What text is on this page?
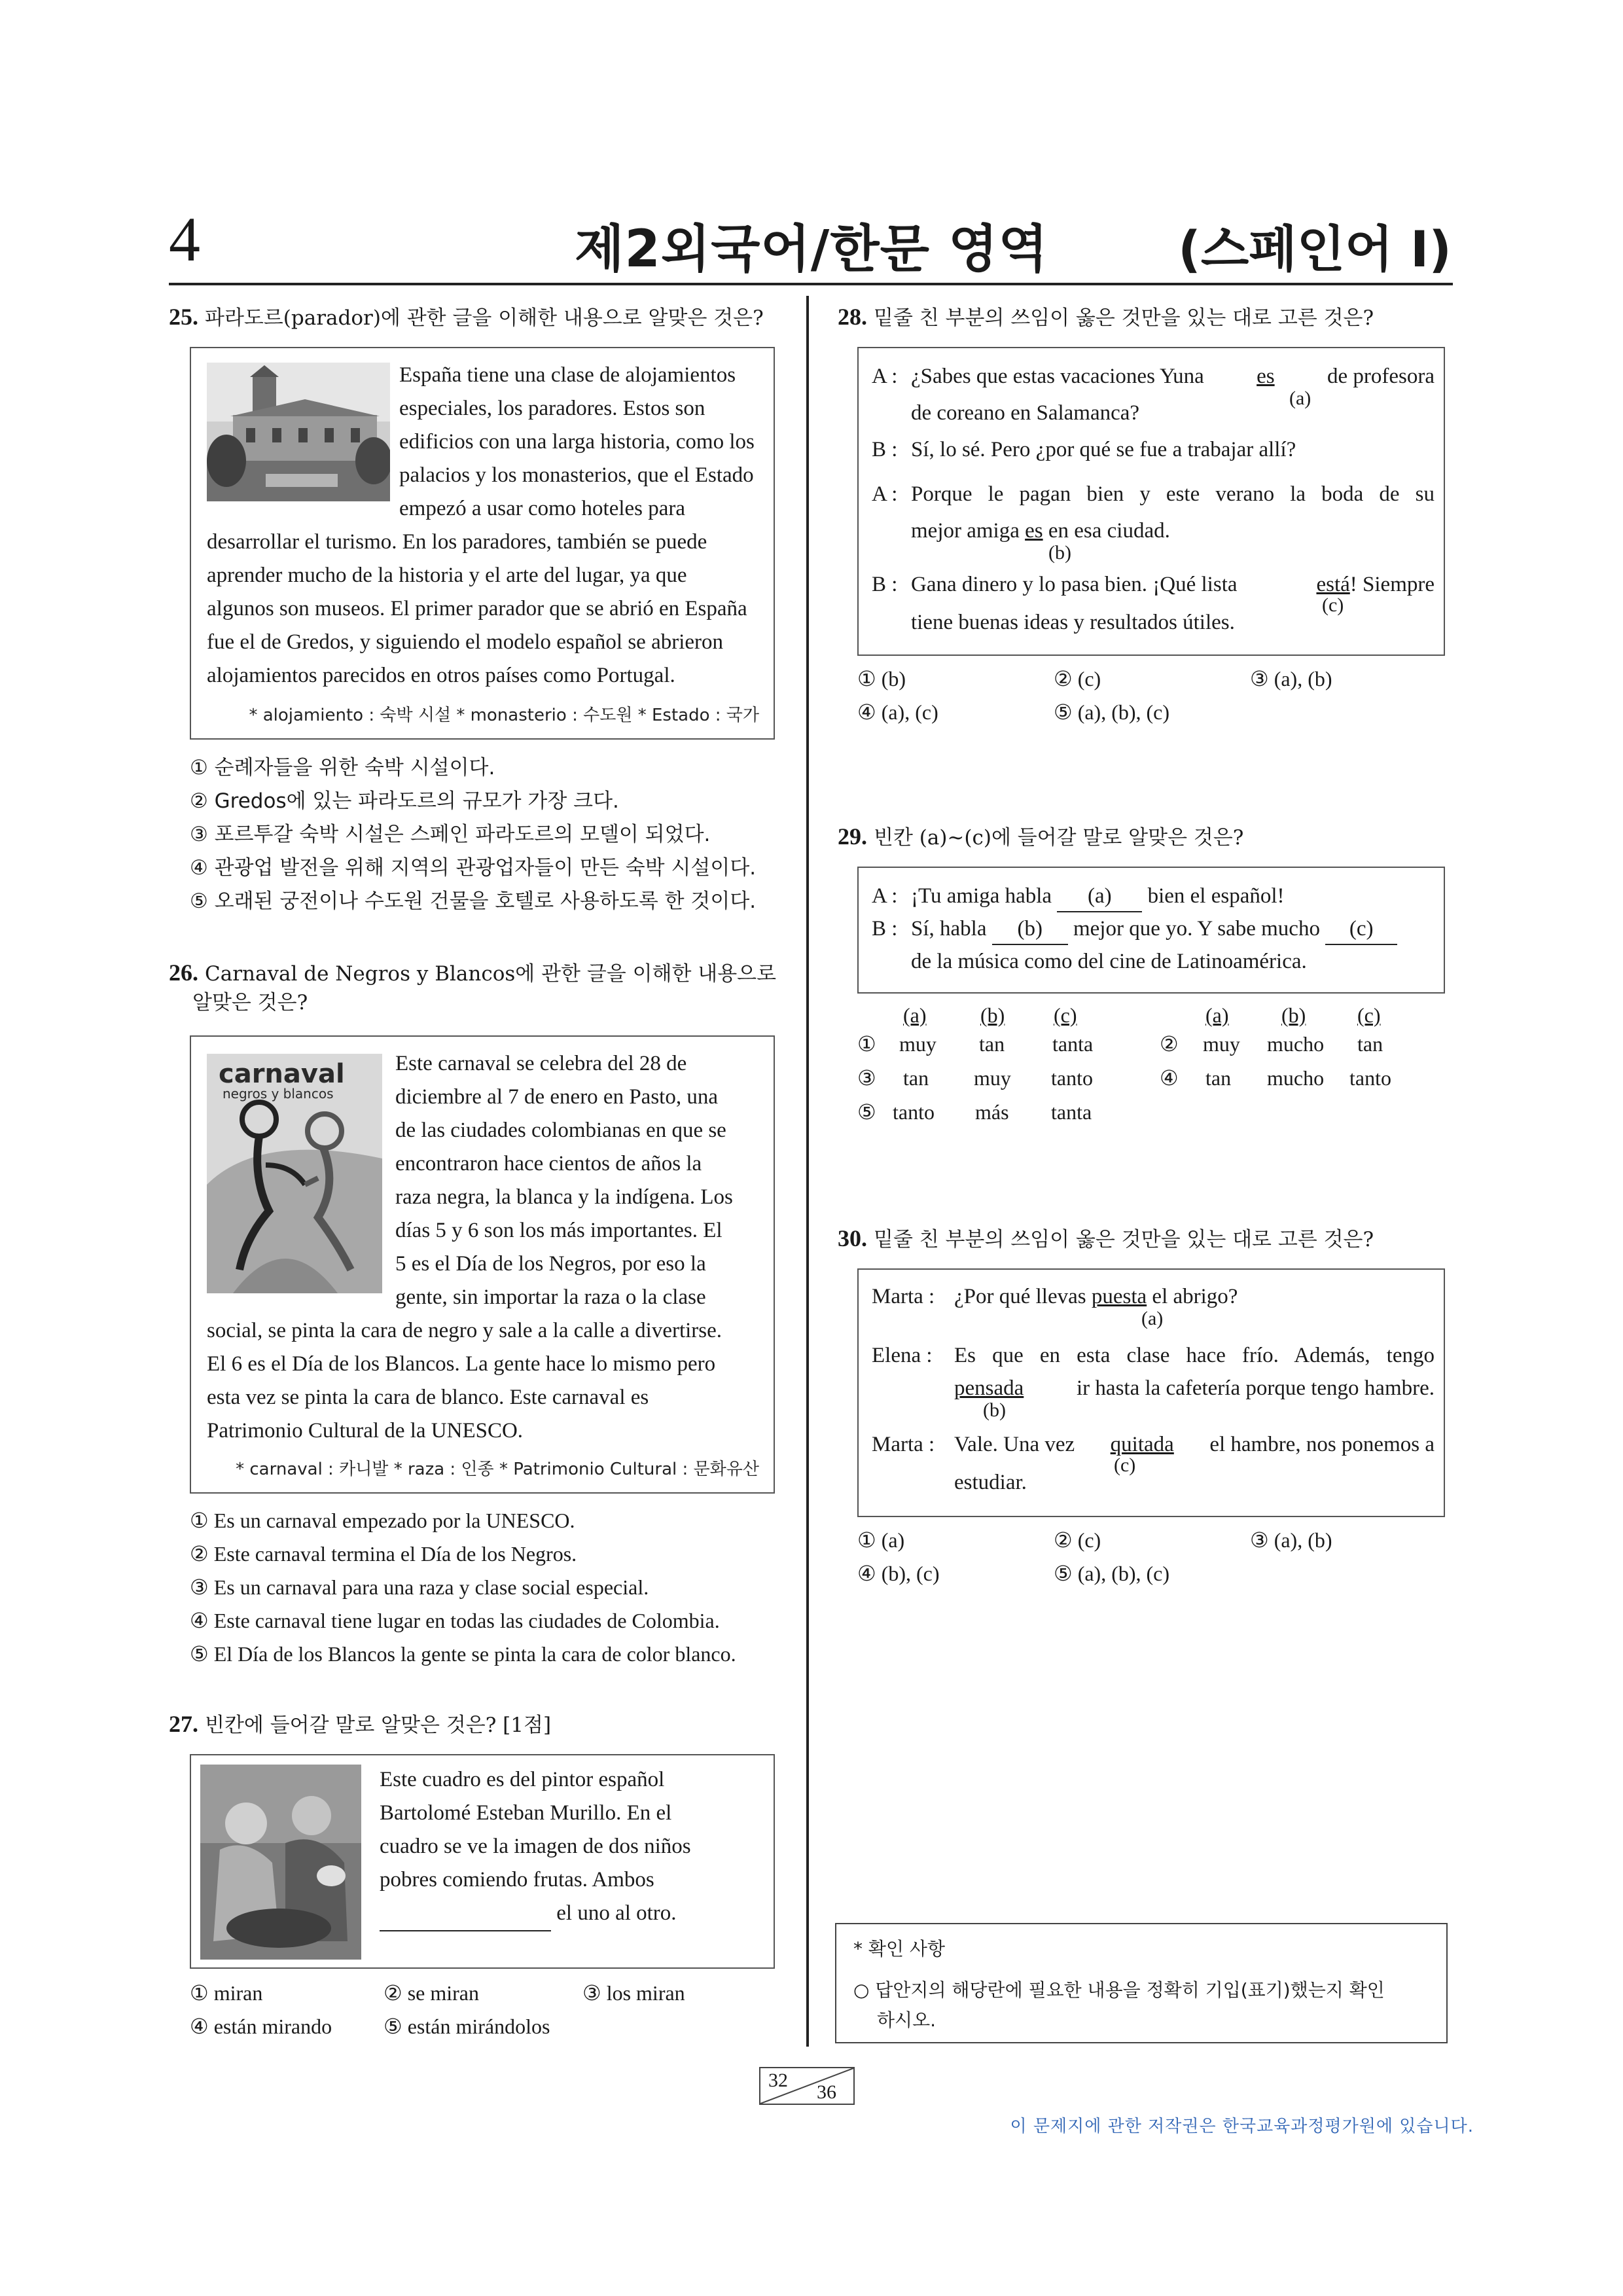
4	제2외국어/한문 영역	(스페인어 Ⅰ)
25. 파라도르(parador)에 관한 글을 이해한 내용으로 알맞은 것은?
España tiene una clase de alojamientos
especiales, los paradores. Estos son
edificios con una larga historia, como los
palacios y los monasterios, que el Estado
empezó a usar como hoteles para
desarrollar el turismo. En los paradores, también se puede
aprender mucho de la historia y el arte del lugar, ya que
algunos son museos. El primer parador que se abrió en España
fue el de Gredos, y siguiendo el modelo español se abrieron
alojamientos parecidos en otros países como Portugal.
* alojamiento : 숙박 시설 * monasterio : 수도원 * Estado : 국가
① 순례자들을 위한 숙박 시설이다.
② Gredos에 있는 파라도르의 규모가 가장 크다.
③ 포르투갈 숙박 시설은 스페인 파라도르의 모델이 되었다.
④ 관광업 발전을 위해 지역의 관광업자들이 만든 숙박 시설이다.
⑤ 오래된 궁전이나 수도원 건물을 호텔로 사용하도록 한 것이다.
26. Carnaval de Negros y Blancos에 관한 글을 이해한 내용으로
알맞은 것은?
carnaval
negros y blancos
Este carnaval se celebra del 28 de
diciembre al 7 de enero en Pasto, una
de las ciudades colombianas en que se
encontraron hace cientos de años la
raza negra, la blanca y la indígena. Los
días 5 y 6 son los más importantes. El
5 es el Día de los Negros, por eso la
gente, sin importar la raza o la clase
social, se pinta la cara de negro y sale a la calle a divertirse.
El 6 es el Día de los Blancos. La gente hace lo mismo pero
esta vez se pinta la cara de blanco. Este carnaval es
Patrimonio Cultural de la UNESCO.
* carnaval : 카니발 * raza : 인종 * Patrimonio Cultural : 문화유산
① Es un carnaval empezado por la UNESCO.
② Este carnaval termina el Día de los Negros.
③ Es un carnaval para una raza y clase social especial.
④ Este carnaval tiene lugar en todas las ciudades de Colombia.
⑤ El Día de los Blancos la gente se pinta la cara de color blanco.
27. 빈칸에 들어갈 말로 알맞은 것은? [1점]
Este cuadro es del pintor español
Bartolomé Esteban Murillo. En el
cuadro se ve la imagen de dos niños
pobres comiendo frutas. Ambos
el uno al otro.
① miran	② se miran	③ los miran
④ están mirando ⑤ están mirándolos
28. 밑줄 친 부분의 쓰임이 옳은 것만을 있는 대로 고른 것은?
A : ¿Sabes que estas vacaciones Yuna es de profesora
(a)
de coreano en Salamanca?
B : Sí, lo sé. Pero ¿por qué se fue a trabajar allí?
A : Porque le pagan bien y este verano la boda de su
mejor amiga es en esa ciudad.
(b)
B : Gana dinero y lo pasa bien. ¡Qué lista	está ! Siempre
(c)
tiene buenas ideas y resultados útiles.
① (b)	② (c)	③ (a), (b)
④ (a), (c)	⑤ (a), (b), (c)
29. 빈칸 (a)~(c)에 들어갈 말로 알맞은 것은?
A : ¡Tu amiga habla (a) bien el español!
B : Sí, habla (b) mejor que yo. Y sabe mucho (c)
de la música como del cine de Latinoamérica.
(a)	(b) (c)	(a)	(b) (c)
① muy tan tanta	② muy mucho tan
③ tan muy tanto	④ tan mucho tanto
⑤ tanto más tanta
30. 밑줄 친 부분의 쓰임이 옳은 것만을 있는 대로 고른 것은?
Marta : ¿Por qué llevas puesta el abrigo?
(a)
Elena : Es que en esta clase hace frío. Además, tengo
pensada ir hasta la cafetería porque tengo hambre.
(b)
Marta : Vale. Una vez quitada el hambre, nos ponemos a
(c)
estudiar.
① (a)	② (c)	③ (a), (b)
④ (b), (c)	⑤ (a), (b), (c)
* 확인 사항
○ 답안지의 해당란에 필요한 내용을 정확히 기입(표기)했는지 확인
하시오.
32
36
이 문제지에 관한 저작권은 한국교육과정평가원에 있습니다.
